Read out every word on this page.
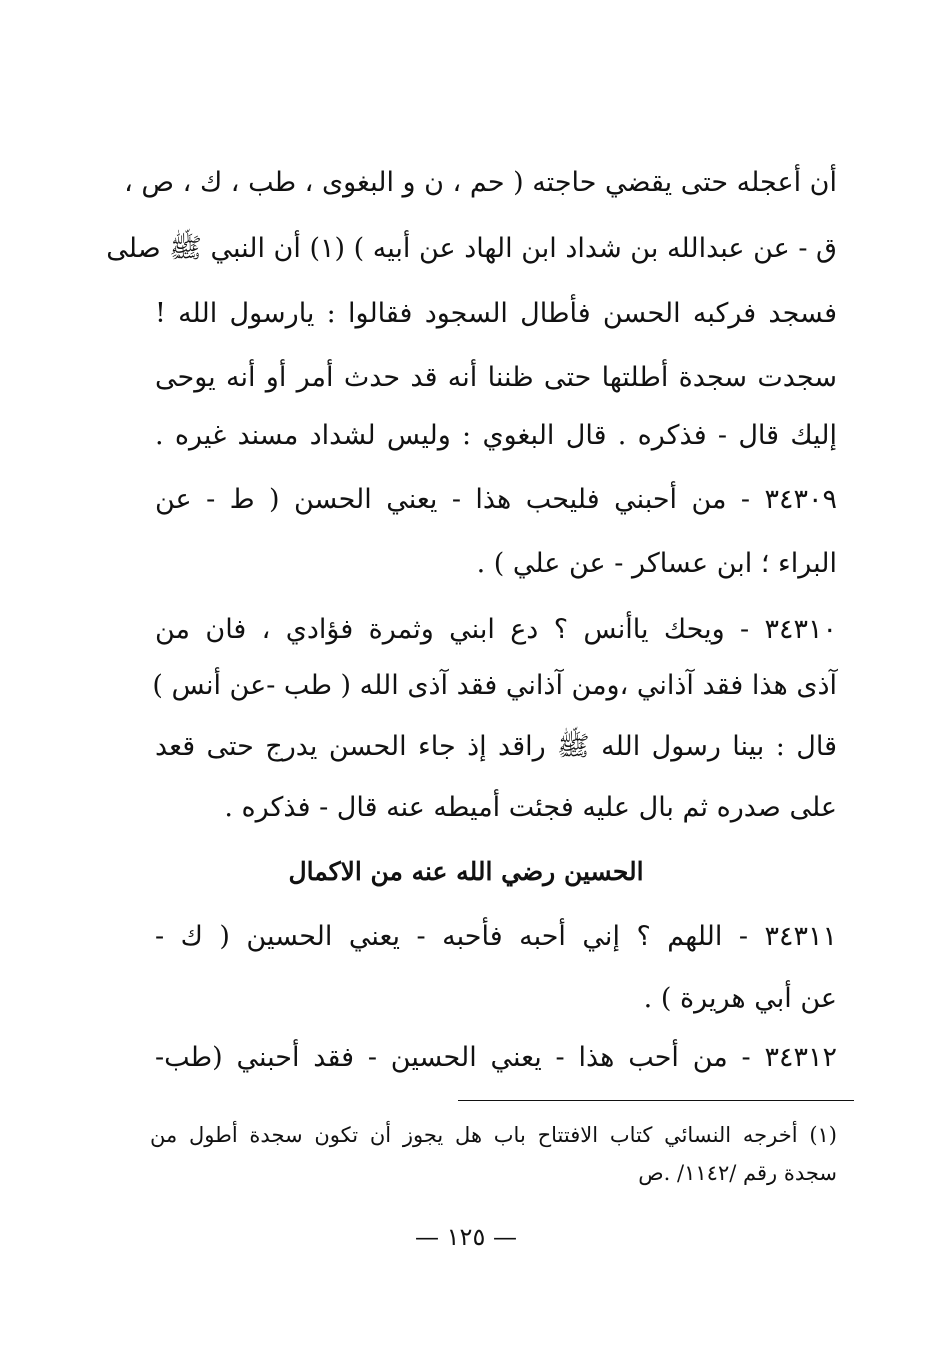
أن أعجله حتى يقضي حاجته ( حم ، ن و البغوى ، طب ، ك ، ص ،
ق - عن عبدالله بن شداد ابن الهاد عن أبيه ) (١) أن النبي ﷺ صلى
فسجد فركبه الحسن فأطال السجود فقالوا : يارسول الله !
سجدت سجدة أطلتها حتى ظننا أنه قد حدث أمر أو أنه يوحى
إليك قال - فذكره . قال البغوي : وليس لشداد مسند غيره .
٣٤٣٠٩ - من أحبني فليحب هذا - يعني الحسن ( ط - عن
البراء ؛ ابن عساكر - عن علي ) .
٣٤٣١٠ - ويحك ياأنس ؟ دع ابني وثمرة فؤادي ، فان من
آذى هذا فقد آذاني ،ومن آذاني فقد آذى الله ( طب -عن أنس )
قال : بينا رسول الله ﷺ راقد إذ جاء الحسن يدرج حتى قعد
على صدره ثم بال عليه فجئت أميطه عنه قال - فذكره .
الحسين رضي الله عنه من الاكمال
٣٤٣١١ - اللهم ؟ إني أحبه فأحبه - يعني الحسين ( ك -
عن أبي هريرة ) .
٣٤٣١٢ - من أحب هذا - يعني الحسين - فقد أحبني (طب-
(١) أخرجه النسائي كتاب الافتتاح باب هل يجوز أن تكون سجدة أطول من
سجدة رقم /١١٤٢/ .ص
— ١٢٥ —
